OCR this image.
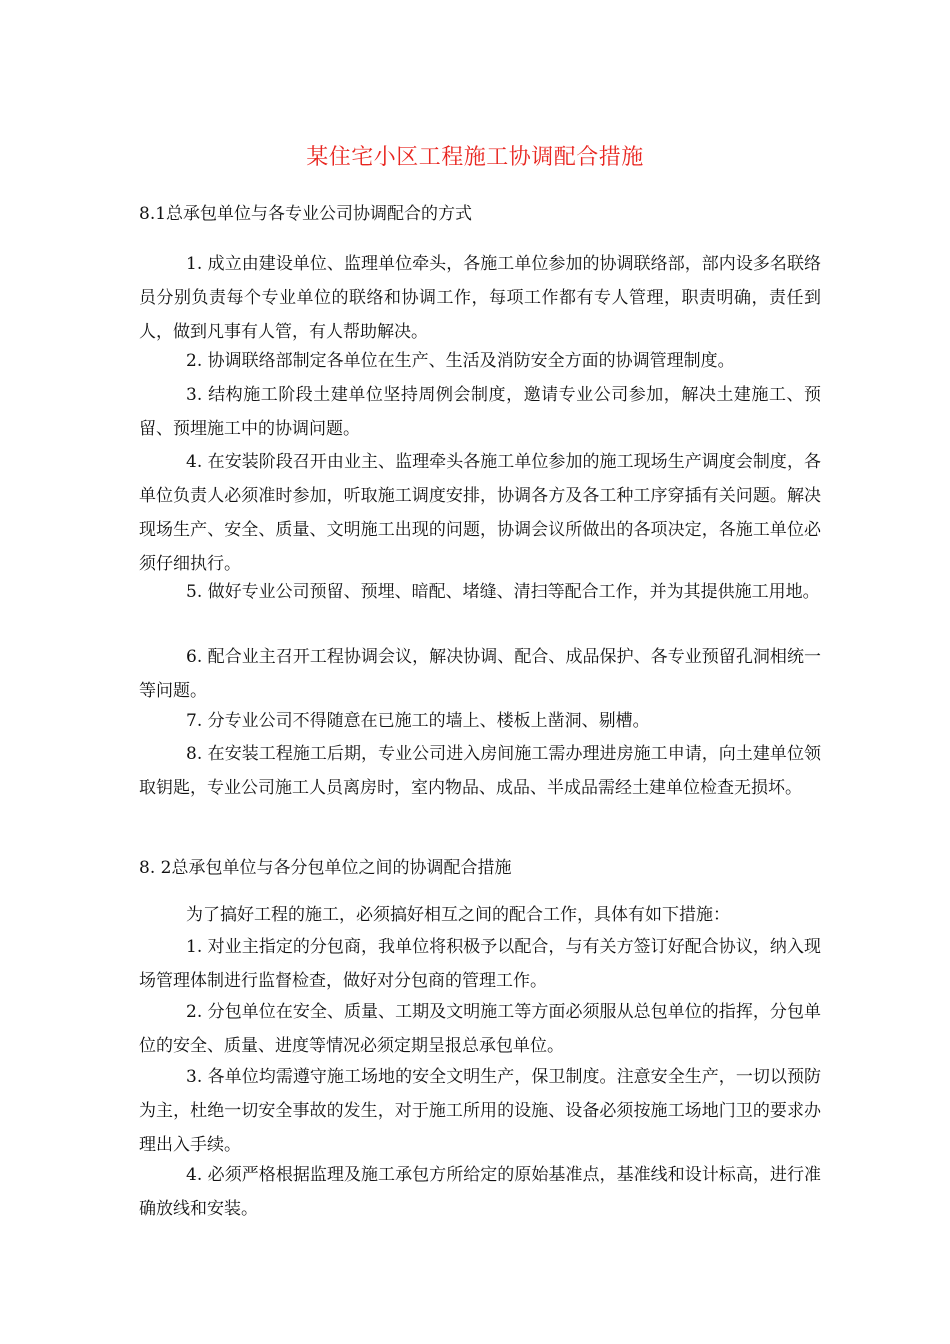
某住宅小区工程施工协调配合措施
8.1总承包单位与各专业公司协调配合的方式

1. 成立由建设单位、监理单位牵头，各施工单位参加的协调联络部，部内设多名联络员分别负责每个专业单位的联络和协调工作，每项工作都有专人管理，职责明确，责任到人，做到凡事有人管，有人帮助解决。

2. 协调联络部制定各单位在生产、生活及消防安全方面的协调管理制度。

3. 结构施工阶段土建单位坚持周例会制度，邀请专业公司参加，解决土建施工、预留、预埋施工中的协调问题。

4. 在安装阶段召开由业主、监理牵头各施工单位参加的施工现场生产调度会制度，各单位负责人必须准时参加，听取施工调度安排，协调各方及各工种工序穿插有关问题。解决现场生产、安全、质量、文明施工出现的问题，协调会议所做出的各项决定，各施工单位必须仔细执行。

5. 做好专业公司预留、预埋、暗配、堵缝、清扫等配合工作，并为其提供施工用地。

6. 配合业主召开工程协调会议，解决协调、配合、成品保护、各专业预留孔洞相统一等问题。

7. 分专业公司不得随意在已施工的墙上、楼板上凿洞、剔槽。

8. 在安装工程施工后期，专业公司进入房间施工需办理进房施工申请，向土建单位领取钥匙，专业公司施工人员离房时，室内物品、成品、半成品需经土建单位检查无损坏。

8. 2总承包单位与各分包单位之间的协调配合措施

为了搞好工程的施工，必须搞好相互之间的配合工作，具体有如下措施：

1. 对业主指定的分包商，我单位将积极予以配合，与有关方签订好配合协议，纳入现场管理体制进行监督检查，做好对分包商的管理工作。

2. 分包单位在安全、质量、工期及文明施工等方面必须服从总包单位的指挥，分包单位的安全、质量、进度等情况必须定期呈报总承包单位。

3. 各单位均需遵守施工场地的安全文明生产，保卫制度。注意安全生产，一切以预防为主，杜绝一切安全事故的发生，对于施工所用的设施、设备必须按施工场地门卫的要求办理出入手续。

4. 必须严格根据监理及施工承包方所给定的原始基准点，基准线和设计标高，进行准确放线和安装。
